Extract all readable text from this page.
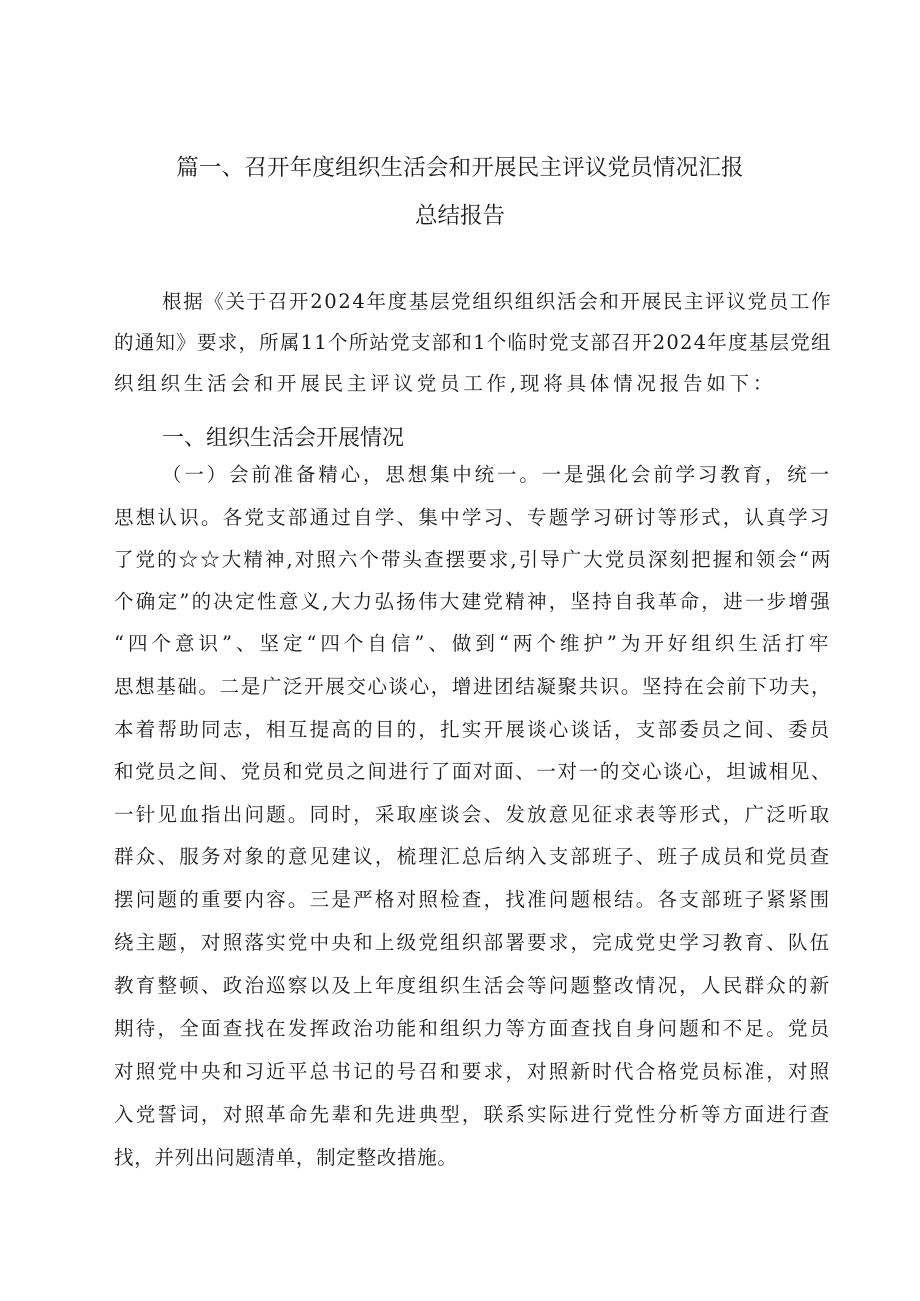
篇一、召开年度组织生活会和开展民主评议党员情况汇报
总结报告
根据《关于召开2024年度基层党组织组织活会和开展民主评议党员工作
的通知》要求，所属11个所站党支部和1个临时党支部召开2024年度基层党组
织组织生活会和开展民主评议党员工作,现将具体情况报告如下：
一、组织生活会开展情况
（一）会前准备精心，思想集中统一。一是强化会前学习教育，统一
思想认识。各党支部通过自学、集中学习、专题学习研讨等形式，认真学习
了党的☆☆大精神,对照六个带头查摆要求,引导广大党员深刻把握和领会“两
个确定”的决定性意义,大力弘扬伟大建党精神，坚持自我革命，进一步增强
“四个意识”、坚定“四个自信”、做到“两个维护”为开好组织生活打牢
思想基础。二是广泛开展交心谈心，增进团结凝聚共识。坚持在会前下功夫，
本着帮助同志，相互提高的目的，扎实开展谈心谈话，支部委员之间、委员
和党员之间、党员和党员之间进行了面对面、一对一的交心谈心，坦诚相见、
一针见血指出问题。同时，采取座谈会、发放意见征求表等形式，广泛听取
群众、服务对象的意见建议，梳理汇总后纳入支部班子、班子成员和党员查
摆问题的重要内容。三是严格对照检查，找准问题根结。各支部班子紧紧围
绕主题，对照落实党中央和上级党组织部署要求，完成党史学习教育、队伍
教育整顿、政治巡察以及上年度组织生活会等问题整改情况，人民群众的新
期待，全面查找在发挥政治功能和组织力等方面查找自身问题和不足。党员
对照党中央和习近平总书记的号召和要求，对照新时代合格党员标准，对照
入党誓词，对照革命先辈和先进典型，联系实际进行党性分析等方面进行查
找，并列出问题清单，制定整改措施。
